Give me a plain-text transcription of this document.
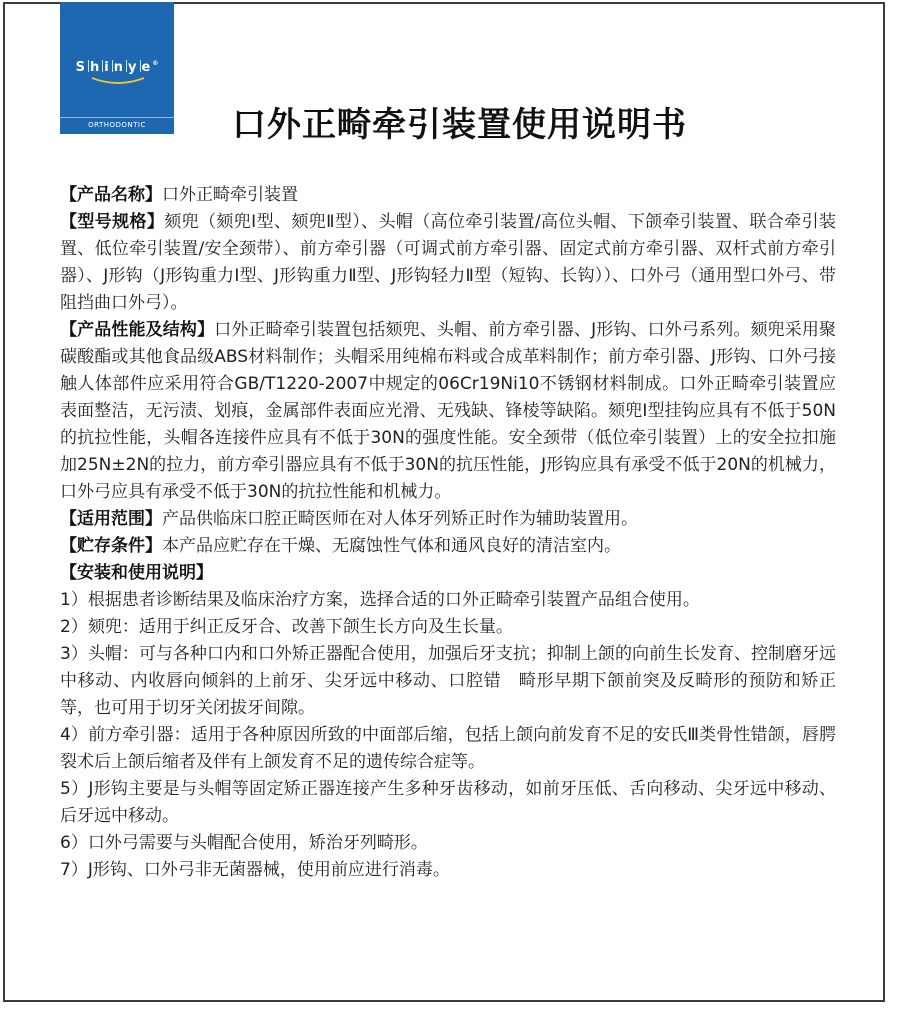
S h i n y e®
ORTHODONTIC	口外正畸牵引装置使用说明书

【产品名称】口外正畸牵引装置

【型号规格】颏兜（颏兜Ⅰ型、颏兜Ⅱ型）、头帽（高位牵引装置/高位头帽、下颌牵引装置、联合牵引装置、低位牵引装置/安全颈带）、前方牵引器（可调式前方牵引器、固定式前方牵引器、双杆式前方牵引器）、J形钩（J形钩重力Ⅰ型、J形钩重力Ⅱ型、J形钩轻力Ⅱ型（短钩、长钩））、口外弓（通用型口外弓、带阻挡曲口外弓）。

【产品性能及结构】口外正畸牵引装置包括颏兜、头帽、前方牵引器、J形钩、口外弓系列。颏兜采用聚碳酸酯或其他食品级ABS材料制作；头帽采用纯棉布料或合成革料制作；前方牵引器、J形钩、口外弓接触人体部件应采用符合GB/T1220-2007中规定的06Cr19Ni10不锈钢材料制成。口外正畸牵引装置应表面整洁，无污渍、划痕，金属部件表面应光滑、无残缺、锋棱等缺陷。颏兜Ⅰ型挂钩应具有不低于50N的抗拉性能，头帽各连接件应具有不低于30N的强度性能。安全颈带（低位牵引装置）上的安全拉扣施加25N±2N的拉力，前方牵引器应具有不低于30N的抗压性能，J形钩应具有承受不低于20N的机械力，口外弓应具有承受不低于30N的抗拉性能和机械力。

【适用范围】产品供临床口腔正畸医师在对人体牙列矫正时作为辅助装置用。

【贮存条件】本产品应贮存在干燥、无腐蚀性气体和通风良好的清洁室内。

【安装和使用说明】

1）根据患者诊断结果及临床治疗方案，选择合适的口外正畸牵引装置产品组合使用。

2）颏兜：适用于纠正反牙合、改善下颌生长方向及生长量。

3）头帽：可与各种口内和口外矫正器配合使用，加强后牙支抗；抑制上颌的向前生长发育、控制磨牙远中移动、内收唇向倾斜的上前牙、尖牙远中移动、口腔错　畸形早期下颌前突及反畸形的预防和矫正等，也可用于切牙关闭拔牙间隙。

4）前方牵引器：适用于各种原因所致的中面部后缩，包括上颌向前发育不足的安氏Ⅲ类骨性错颌，唇腭裂术后上颌后缩者及伴有上颌发育不足的遗传综合症等。

5）J形钩主要是与头帽等固定矫正器连接产生多种牙齿移动，如前牙压低、舌向移动、尖牙远中移动、后牙远中移动。

6）口外弓需要与头帽配合使用，矫治牙列畸形。

7）J形钩、口外弓非无菌器械，使用前应进行消毒。
